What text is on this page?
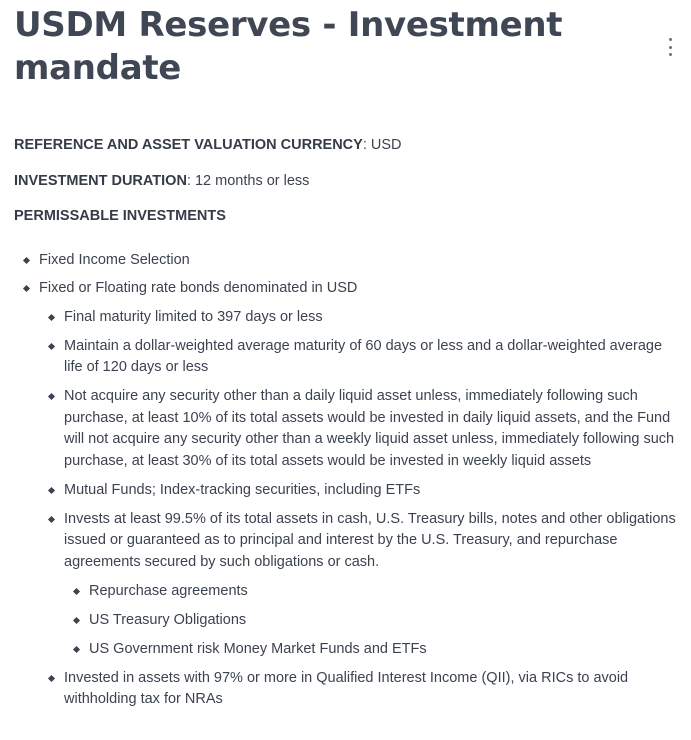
USDM Reserves - Investment mandate

REFERENCE AND ASSET VALUATION CURRENCY: USD

INVESTMENT DURATION: 12 months or less

PERMISSABLE INVESTMENTS

Fixed Income Selection
Fixed or Floating rate bonds denominated in USD
Final maturity limited to 397 days or less
Maintain a dollar-weighted average maturity of 60 days or less and a dollar-weighted average life of 120 days or less
Not acquire any security other than a daily liquid asset unless, immediately following such purchase, at least 10% of its total assets would be invested in daily liquid assets, and the Fund will not acquire any security other than a weekly liquid asset unless, immediately following such purchase, at least 30% of its total assets would be invested in weekly liquid assets
Mutual Funds; Index-tracking securities, including ETFs
Invests at least 99.5% of its total assets in cash, U.S. Treasury bills, notes and other obligations issued or guaranteed as to principal and interest by the U.S. Treasury, and repurchase agreements secured by such obligations or cash.
Repurchase agreements
US Treasury Obligations
US Government risk Money Market Funds and ETFs
Invested in assets with 97% or more in Qualified Interest Income (QII), via RICs to avoid withholding tax for NRAs
